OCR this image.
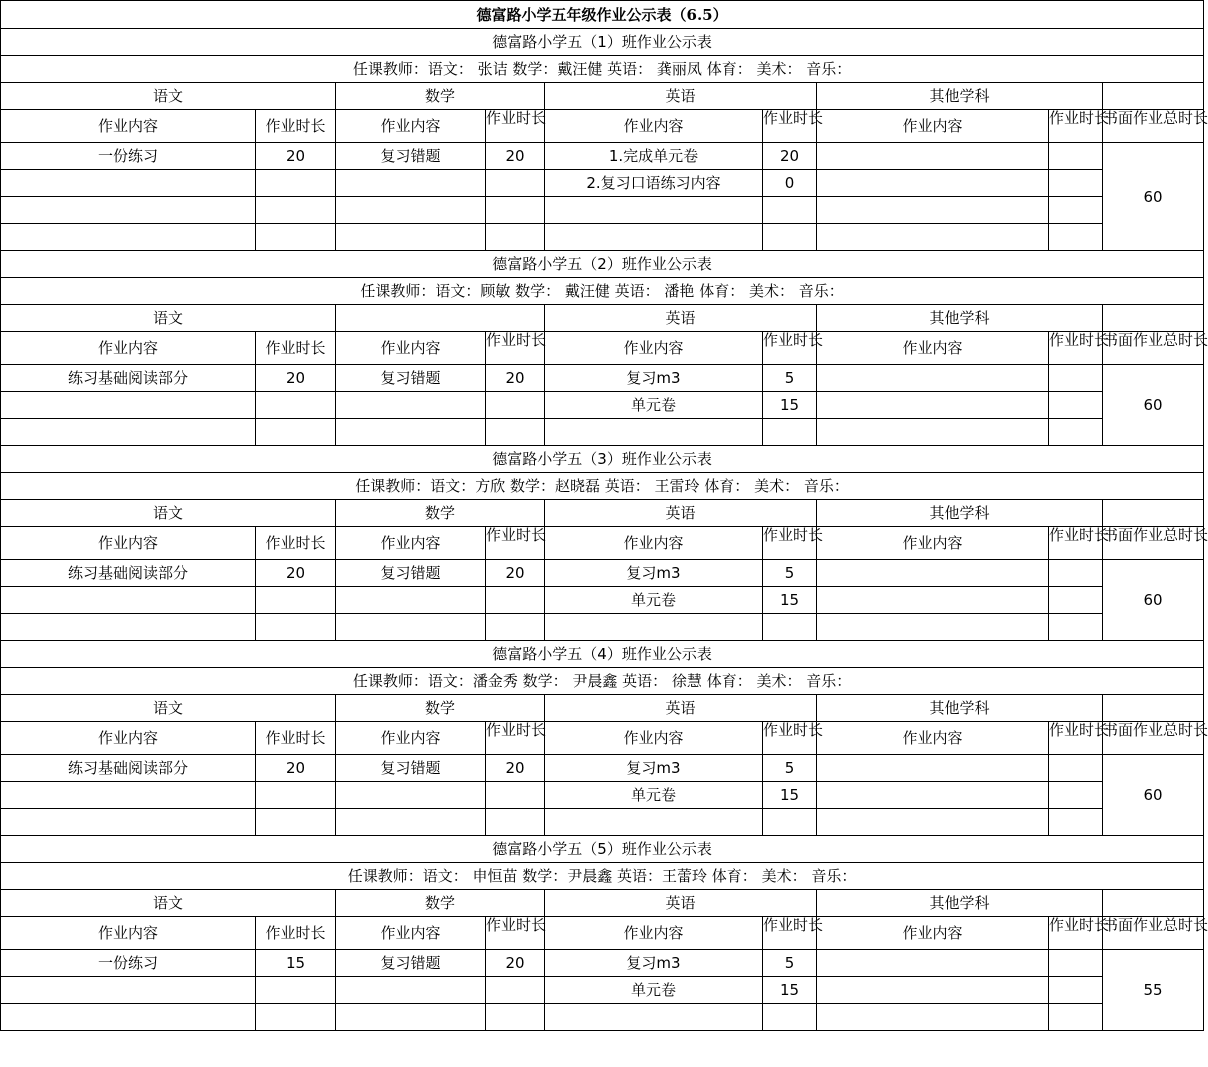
德富路小学五年级作业公示表（6.5）								
德富路小学五（1）班作业公示表								
任课教师：语文： 张诘 数学：戴汪健 英语： 龚丽凤 体育： 美术： 音乐：								
语文		数学		英语		其他学科		
作业内容	作业时长	作业内容	作业时长	作业内容	作业时长	作业内容	作业时长	书面作业总时长

一份练习	20	复习错题	20	1.完成单元卷	20			60
				2.复习口语练习内容	0			

德富路小学五（2）班作业公示表								
任课教师：语文：顾敏 数学： 戴汪健 英语： 潘艳 体育： 美术： 音乐：								
语文				英语		其他学科		
作业内容	作业时长	作业内容	作业时长	作业内容	作业时长	作业内容	作业时长	书面作业总时长

练习基础阅读部分	20	复习错题	20	复习m3	5			60
				单元卷	15			

德富路小学五（3）班作业公示表								
任课教师：语文：方欣 数学：赵晓磊 英语： 王雷玲 体育： 美术： 音乐：								
语文		数学		英语		其他学科		
作业内容	作业时长	作业内容	作业时长	作业内容	作业时长	作业内容	作业时长	书面作业总时长

练习基础阅读部分	20	复习错题	20	复习m3	5			60
				单元卷	15			

德富路小学五（4）班作业公示表								
任课教师：语文：潘金秀 数学： 尹晨鑫 英语： 徐慧 体育： 美术： 音乐：								
语文		数学		英语		其他学科		
作业内容	作业时长	作业内容	作业时长	作业内容	作业时长	作业内容	作业时长	书面作业总时长

练习基础阅读部分	20	复习错题	20	复习m3	5			60
				单元卷	15			

德富路小学五（5）班作业公示表								
任课教师：语文： 申恒苗 数学：尹晨鑫 英语：王蕾玲 体育： 美术： 音乐：								
语文		数学		英语		其他学科		
作业内容	作业时长	作业内容	作业时长	作业内容	作业时长	作业内容	作业时长	书面作业总时长

一份练习	15	复习错题	20	复习m3	5			55
				单元卷	15			
